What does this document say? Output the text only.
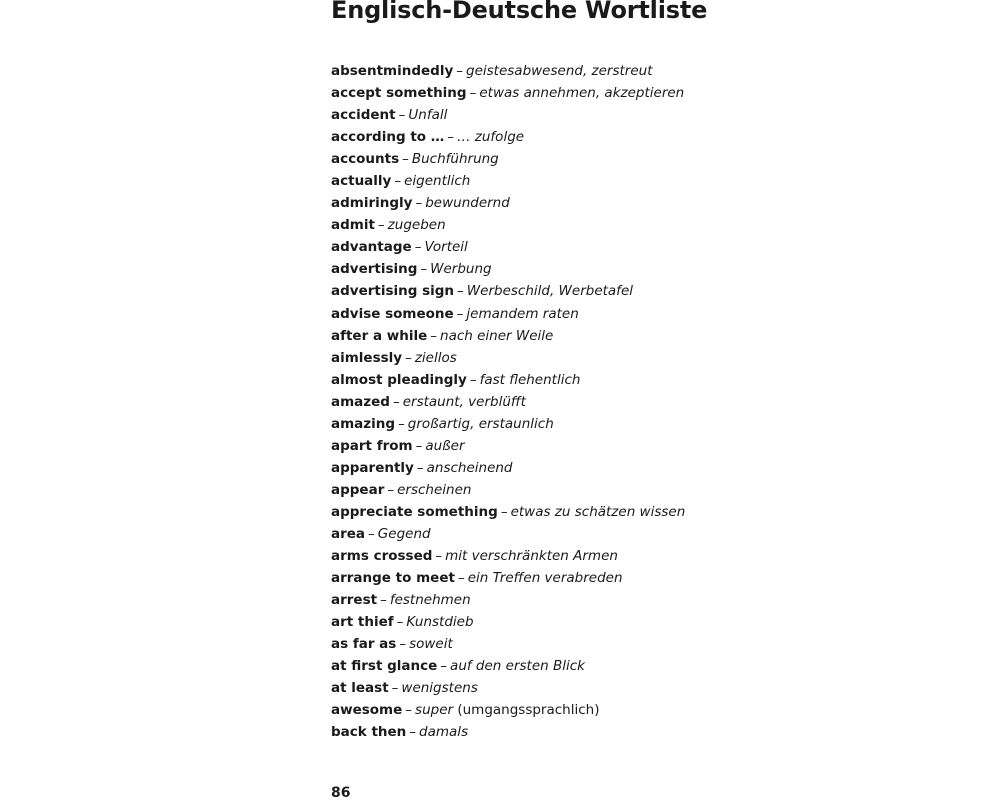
Englisch-Deutsche Wortliste
absentmindedly – geistesabwesend, zerstreut
accept something – etwas annehmen, akzeptieren
accident – Unfall
according to … – … zufolge
accounts – Buchführung
actually – eigentlich
admiringly – bewundernd
admit – zugeben
advantage – Vorteil
advertising – Werbung
advertising sign – Werbeschild, Werbetafel
advise someone – jemandem raten
after a while – nach einer Weile
aimlessly – ziellos
almost pleadingly – fast flehentlich
amazed – erstaunt, verblüfft
amazing – großartig, erstaunlich
apart from – außer
apparently – anscheinend
appear – erscheinen
appreciate something – etwas zu schätzen wissen
area – Gegend
arms crossed – mit verschränkten Armen
arrange to meet – ein Treffen verabreden
arrest – festnehmen
art thief – Kunstdieb
as far as – soweit
at first glance – auf den ersten Blick
at least – wenigstens
awesome – super (umgangssprachlich)
back then – damals
86
